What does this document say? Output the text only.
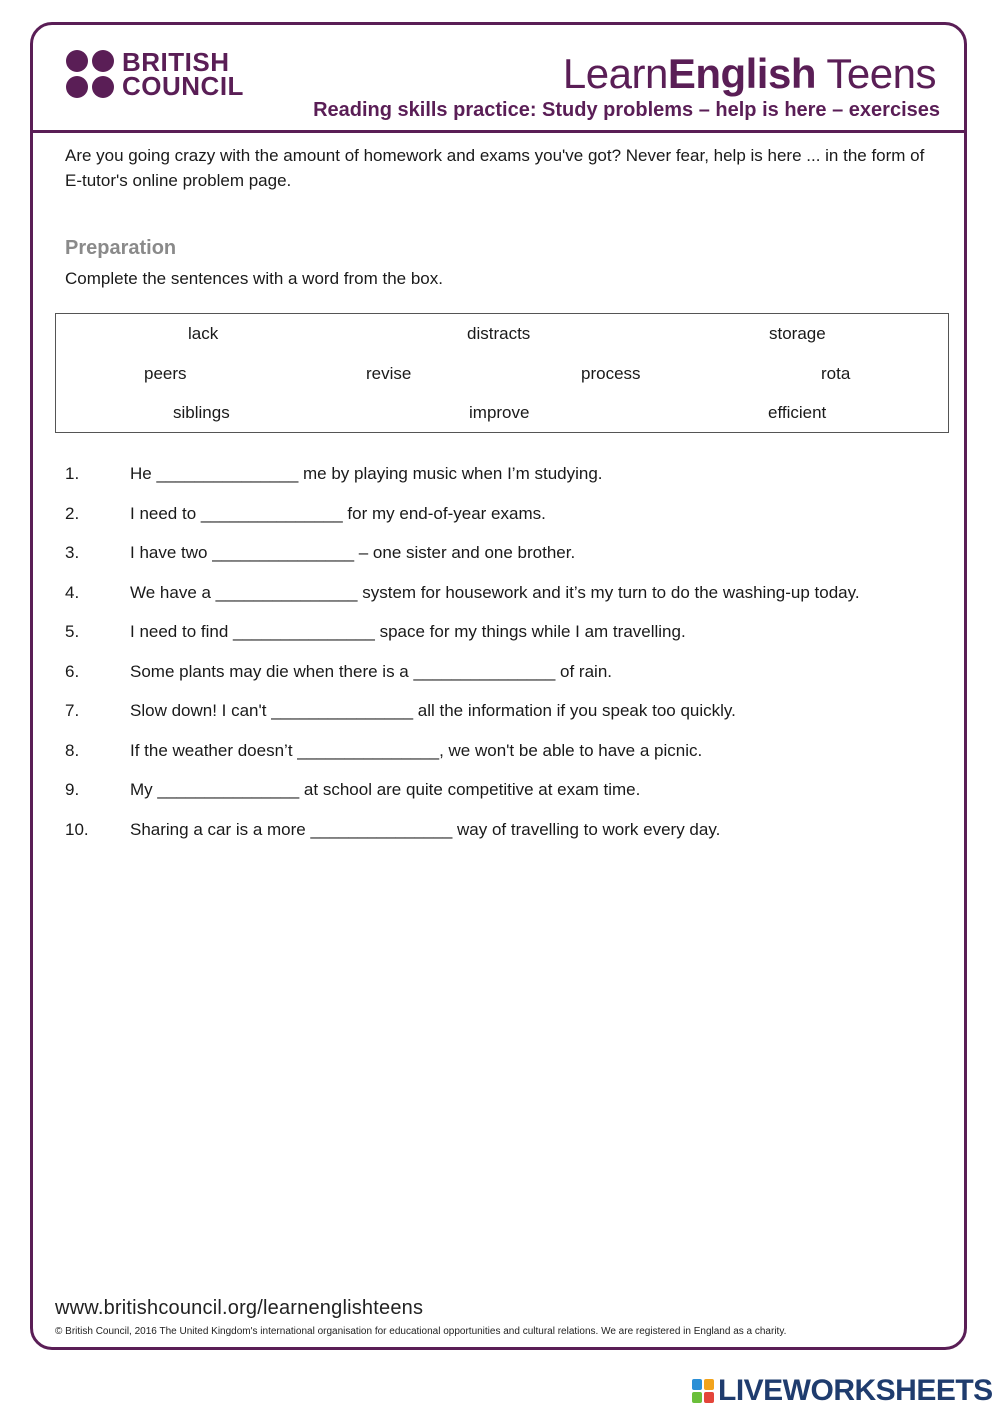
BRITISH
COUNCIL	LearnEnglish Teens
Reading skills practice: Study problems – help is here – exercises
Are you going crazy with the amount of homework and exams you've got? Never fear, help is here ... in the form of E-tutor's online problem page.
Preparation
Complete the sentences with a word from the box.
lack	distracts	storage
peers	revise	process	rota
siblings	improve	efficient
1.	He _______________ me by playing music when I’m studying.
2.	I need to _______________ for my end-of-year exams.
3.	I have two _______________ – one sister and one brother.
4.	We have a _______________ system for housework and it’s my turn to do the washing-up today.
5.	I need to find _______________ space for my things while I am travelling.
6.	Some plants may die when there is a _______________ of rain.
7.	Slow down! I can't _______________ all the information if you speak too quickly.
8.	If the weather doesn’t _______________, we won't be able to have a picnic.
9.	My _______________ at school are quite competitive at exam time.
10.	Sharing a car is a more _______________ way of travelling to work every day.
www.britishcouncil.org/learnenglishteens
© British Council, 2016 The United Kingdom's international organisation for educational opportunities and cultural relations. We are registered in England as a charity.
LIVEWORKSHEETS
